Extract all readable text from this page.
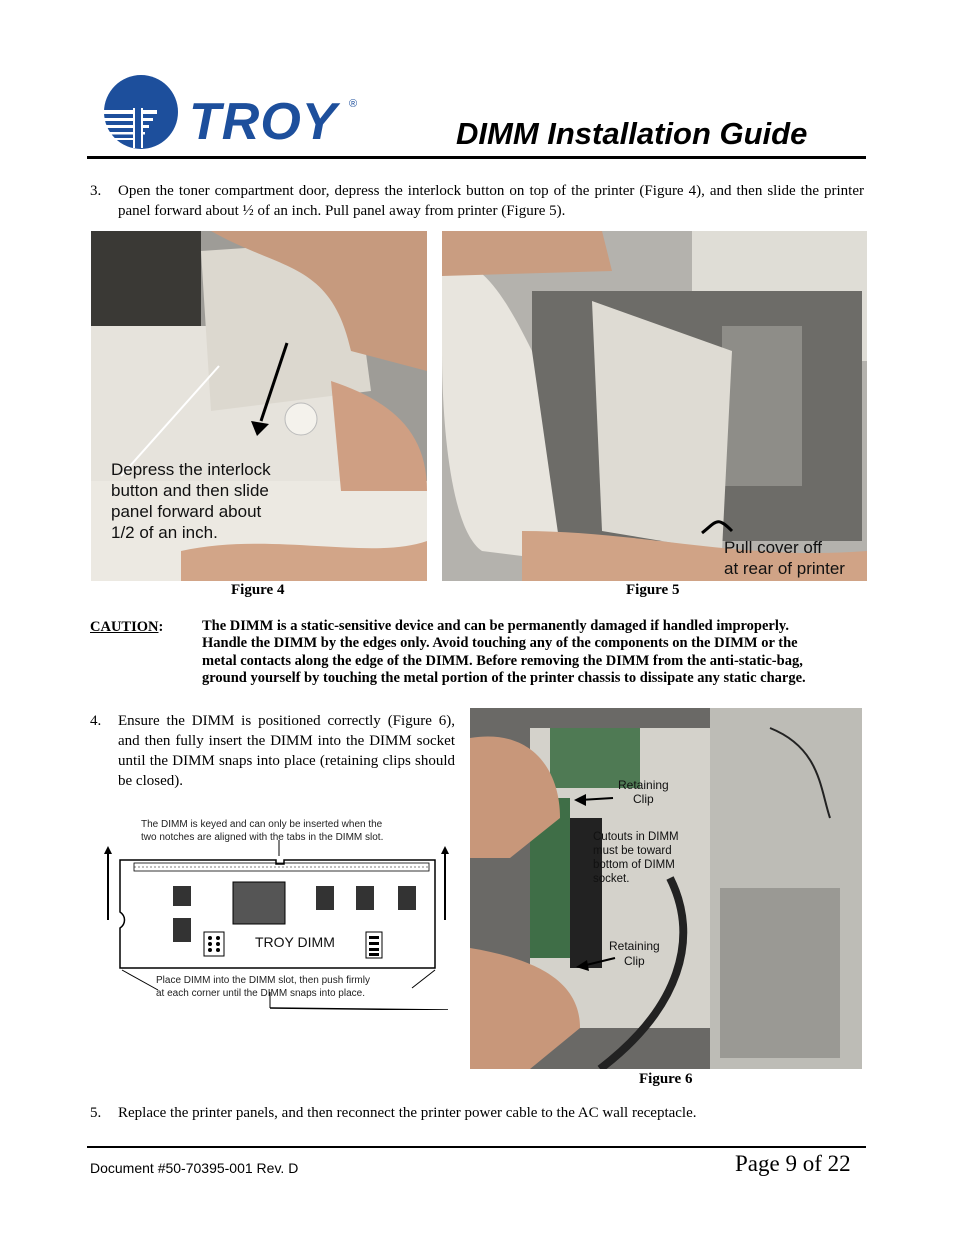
TROY ®
DIMM Installation Guide
3. Open the toner compartment door, depress the interlock button on top of the printer (Figure 4), and then slide the printer panel forward about ½ of an inch. Pull panel away from printer (Figure 5).
Depress the interlock
button and then slide
panel forward about
1/2 of an inch.
Figure 4
Pull cover off
at rear of printer
Figure 5
CAUTION:	The DIMM is a static-sensitive device and can be permanently damaged if handled improperly.
Handle the DIMM by the edges only. Avoid touching any of the components on the DIMM or the
metal contacts along the edge of the DIMM. Before removing the DIMM from the anti-static-bag,
ground yourself by touching the metal portion of the printer chassis to dissipate any static charge.
4. Ensure the DIMM is positioned correctly (Figure 6), and then fully insert the DIMM into the DIMM socket until the DIMM snaps into place (retaining clips should be closed).
The DIMM is keyed and can only be inserted when the
two notches are aligned with the tabs in the DIMM slot.
TROY DIMM
Place DIMM into the DIMM slot, then push firmly
at each corner until the DIMM snaps into place.
Retaining
Clip
Cutouts in DIMM
must be toward
bottom of DIMM
socket.
Retaining
Clip
Figure 6
5. Replace the printer panels, and then reconnect the printer power cable to the AC wall receptacle.
Document #50-70395-001 Rev. D	Page 9 of 22
